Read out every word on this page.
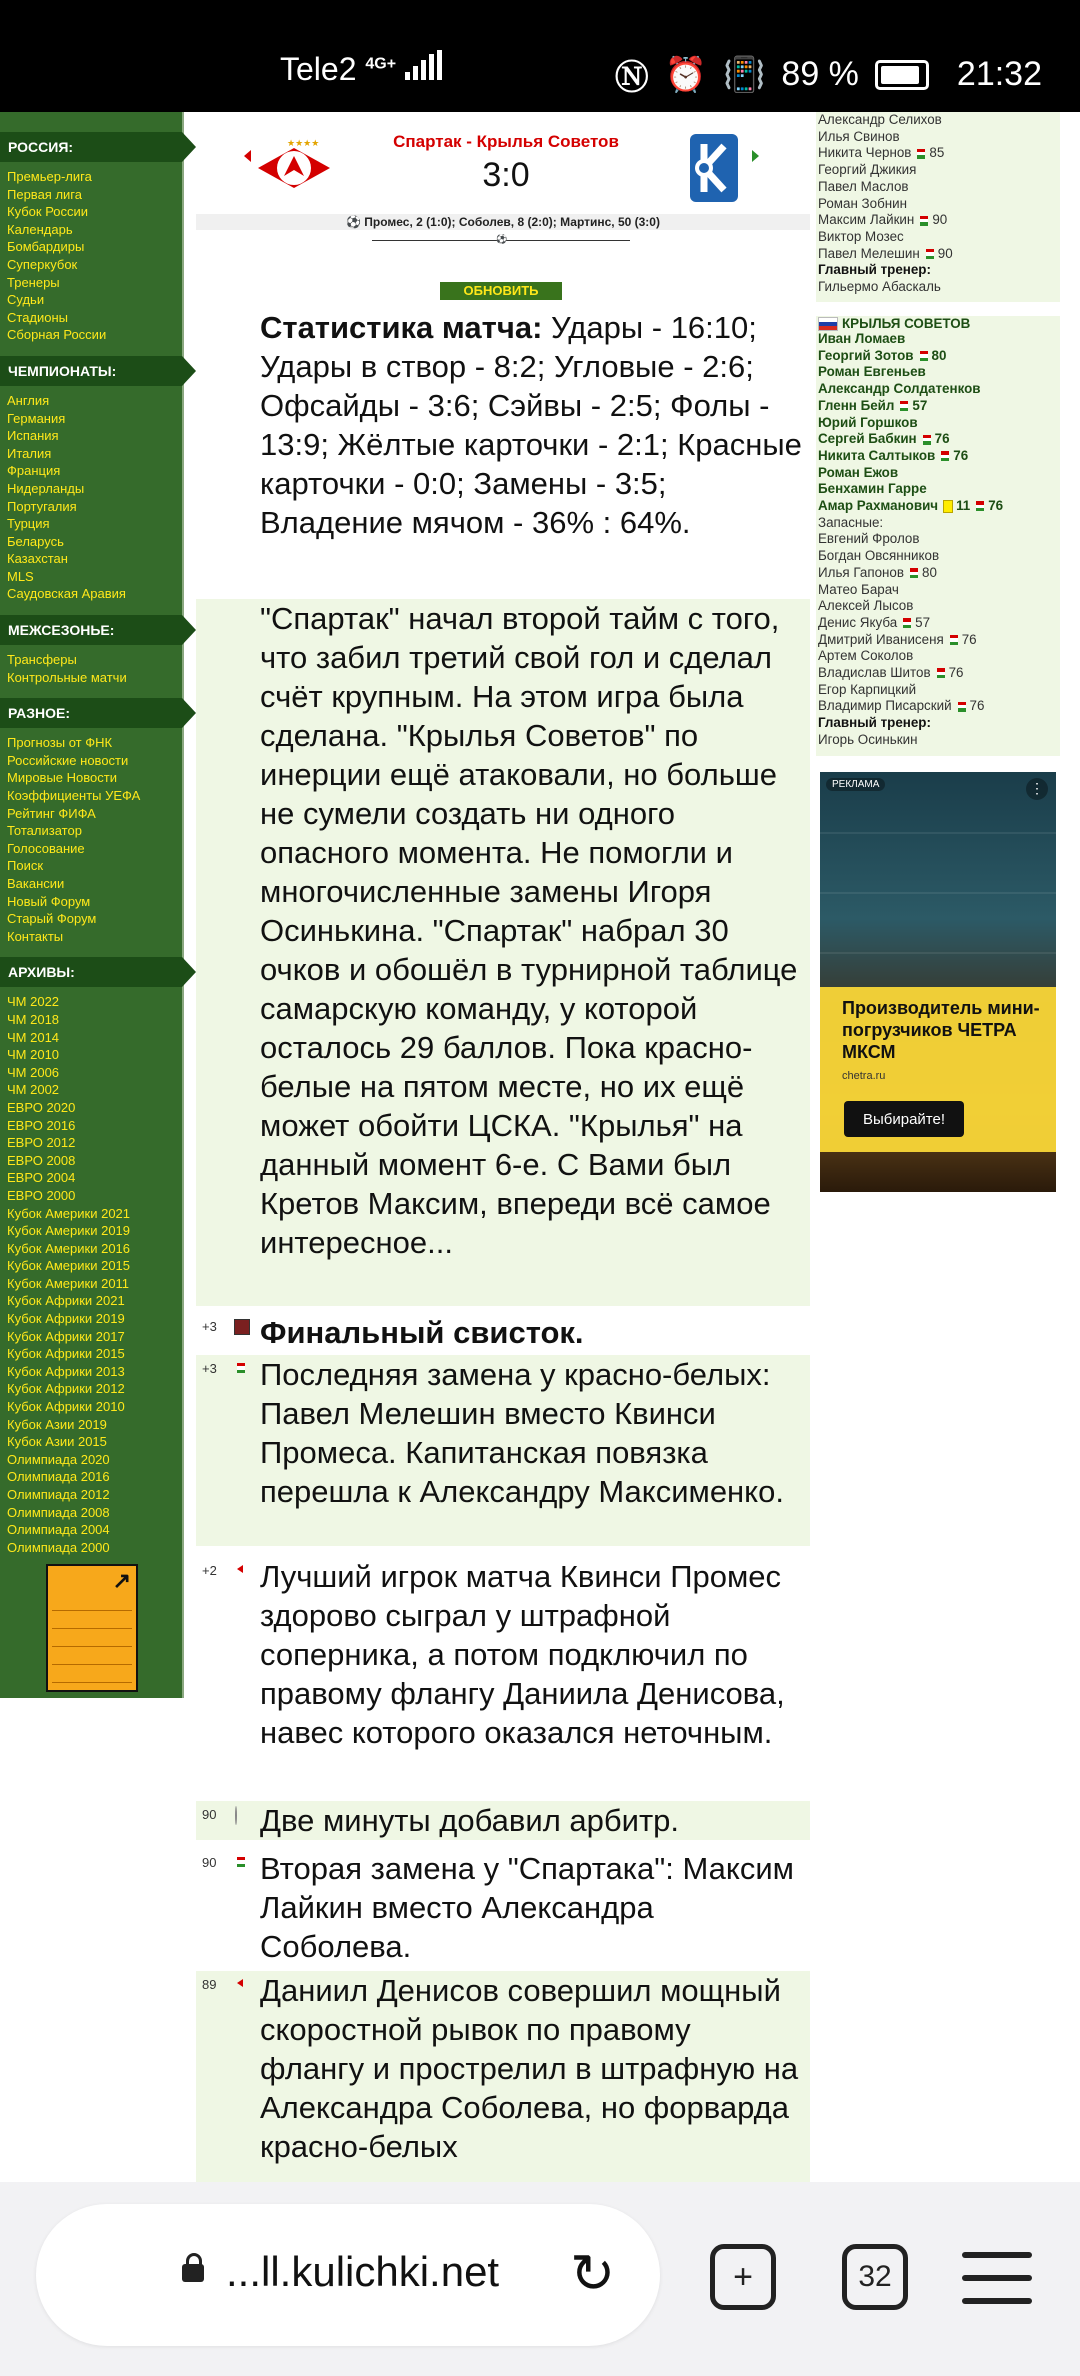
Tele2 $^{4G+}$	Ⓝ ⏰ 📳 89 %	21:32
РОССИЯ:
Премьер-лига
Первая лига
Кубок России
Календарь
Бомбардиры
Суперкубок
Тренеры
Судьи
Стадионы
Сборная России
ЧЕМПИОНАТЫ:
Англия
Германия
Испания
Италия
Франция
Нидерланды
Португалия
Турция
Беларусь
Казахстан
MLS
Саудовская Аравия
МЕЖСЕЗОНЬЕ:
Трансферы
Контрольные матчи
РАЗНОЕ:
Прогнозы от ФНК
Российские новости
Мировые Новости
Коэффициенты УЕФА
Рейтинг ФИФА
Тотализатор
Голосование
Поиск
Вакансии
Новый Форум
Старый Форум
Контакты
АРХИВЫ:
ЧМ 2022
ЧМ 2018
ЧМ 2014
ЧМ 2010
ЧМ 2006
ЧМ 2002
ЕВРО 2020
ЕВРО 2016
ЕВРО 2012
ЕВРО 2008
ЕВРО 2004
ЕВРО 2000
Кубок Америки 2021
Кубок Америки 2019
Кубок Америки 2016
Кубок Америки 2015
Кубок Америки 2011
Кубок Африки 2021
Кубок Африки 2019
Кубок Африки 2017
Кубок Африки 2015
Кубок Африки 2013
Кубок Африки 2012
Кубок Африки 2010
Кубок Азии 2019
Кубок Азии 2015
Олимпиада 2020
Олимпиада 2016
Олимпиада 2012
Олимпиада 2008
Олимпиада 2004
Олимпиада 2000
↗
★★★★	Спартак - Крылья Советов
3:0
⚽ Промес, 2 (1:0); Соболев, 8 (2:0); Мартинс, 50 (3:0)
⚽
ОБНОВИТЬ
Статистика матча: Удары - 16:10; Удары в створ - 8:2; Угловые - 2:6; Офсайды - 3:6; Сэйвы - 2:5; Фолы - 13:9; Жёлтые карточки - 2:1; Красные карточки - 0:0; Замены - 3:5; Владение мячом - 36% : 64%.
"Спартак" начал второй тайм с того, что забил третий свой гол и сделал счёт крупным. На этом игра была сделана. "Крылья Советов" по инерции ещё атаковали, но больше не сумели создать ни одного опасного момента. Не помогли и многочисленные замены Игоря Осинькина. "Спартак" набрал 30 очков и обошёл в турнирной таблице самарскую команду, у которой осталось 29 баллов. Пока красно-белые на пятом месте, но их ещё может обойти ЦСКА. "Крылья" на данный момент 6-е. С Вами был Кретов Максим, впереди всё самое интересное...
+3 Финальный свисток.
+3 Последняя замена у красно-белых: Павел Мелешин вместо Квинси Промеса. Капитанская повязка перешла к Александру Максименко.
+2 Лучший игрок матча Квинси Промес здорово сыграл у штрафной соперника, а потом подключил по правому флангу Даниила Денисова, навес которого оказался неточным.
90 Две минуты добавил арбитр.
90 Вторая замена у "Спартака": Максим Лайкин вместо Александра Соболева.
89 Даниил Денисов совершил мощный скоростной рывок по правому флангу и прострелил в штрафную на Александра Соболева, но форварда красно-белых
Александр Селихов
Илья Свинов
Никита Чернов 85
Георгий Джикия
Павел Маслов
Роман Зобнин
Максим Лайкин 90
Виктор Мозес
Павел Мелешин 90
Главный тренер:
Гильермо Абаскаль
КРЫЛЬЯ СОВЕТОВ
Иван Ломаев
Георгий Зотов 80
Роман Евгеньев
Александр Солдатенков
Гленн Бейл 57
Юрий Горшков
Сергей Бабкин 76
Никита Салтыков 76
Роман Ежов
Бенхамин Гарре
Амар Рахманович 11 76
Запасные:
Евгений Фролов
Богдан Овсянников
Илья Гапонов 80
Матео Барач
Алексей Лысов
Денис Якуба 57
Дмитрий Иванисеня 76
Артем Соколов
Владислав Шитов 76
Егор Карпицкий
Владимир Писарский 76
Главный тренер:
Игорь Осинькин
РЕКЛАМА	⋮
Производитель мини-погрузчиков ЧЕТРА МКСМ
chetra.ru
Выбирайте!
...ll.kulichki.net ↻	+	32
